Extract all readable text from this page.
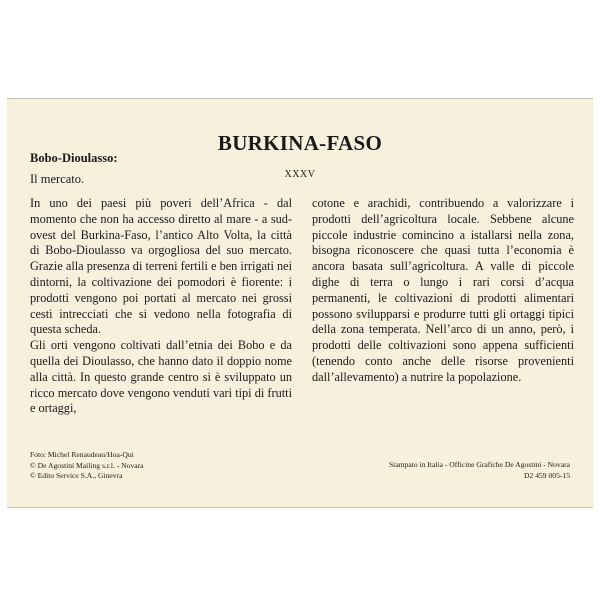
Bobo-Dioulasso:
Il mercato.
BURKINA-FASO
XXXV

In uno dei paesi più poveri dell’Africa - dal momento che non ha accesso diretto al mare - a sud-ovest del Burkina-Faso, l’antico Alto Volta, la città di Bobo-Dioulasso va orgogliosa del suo mercato. Grazie alla presenza di terreni fertili e ben irrigati nei dintorni, la coltivazione dei pomodori è fiorente: i prodotti vengono poi portati al mercato nei grossi cesti intrecciati che si vedono nella fotografia di questa scheda.

Gli orti vengono coltivati dall’etnia dei Bobo e da quella dei Dioulasso, che hanno dato il doppio nome alla città. In questo grande centro si è sviluppato un ricco mercato dove vengono venduti vari tipi di frutti e ortaggi,

cotone e arachidi, contribuendo a valorizzare i prodotti dell’agricoltura locale. Sebbene alcune piccole industrie comincino a istallarsi nella zona, bisogna riconoscere che quasi tutta l’economia è ancora basata sull’agricoltura. A valle di piccole dighe di terra o lungo i rari corsi d’acqua permanenti, le coltivazioni di prodotti alimentari possono svilupparsi e produrre tutti gli ortaggi tipici della zona temperata. Nell’arco di un anno, però, i prodotti delle coltivazioni sono appena sufficienti (tenendo conto anche delle risorse provenienti dall’allevamento) a nutrire la popolazione.

Foto: Michel Renaudeau/Hoa-Qui
© De Agostini Mailing s.r.l. - Novara
© Edito Service S.A., Ginevra
Stampato in Italia - Officine Grafiche De Agostini - Novara
D2 459 005-15
